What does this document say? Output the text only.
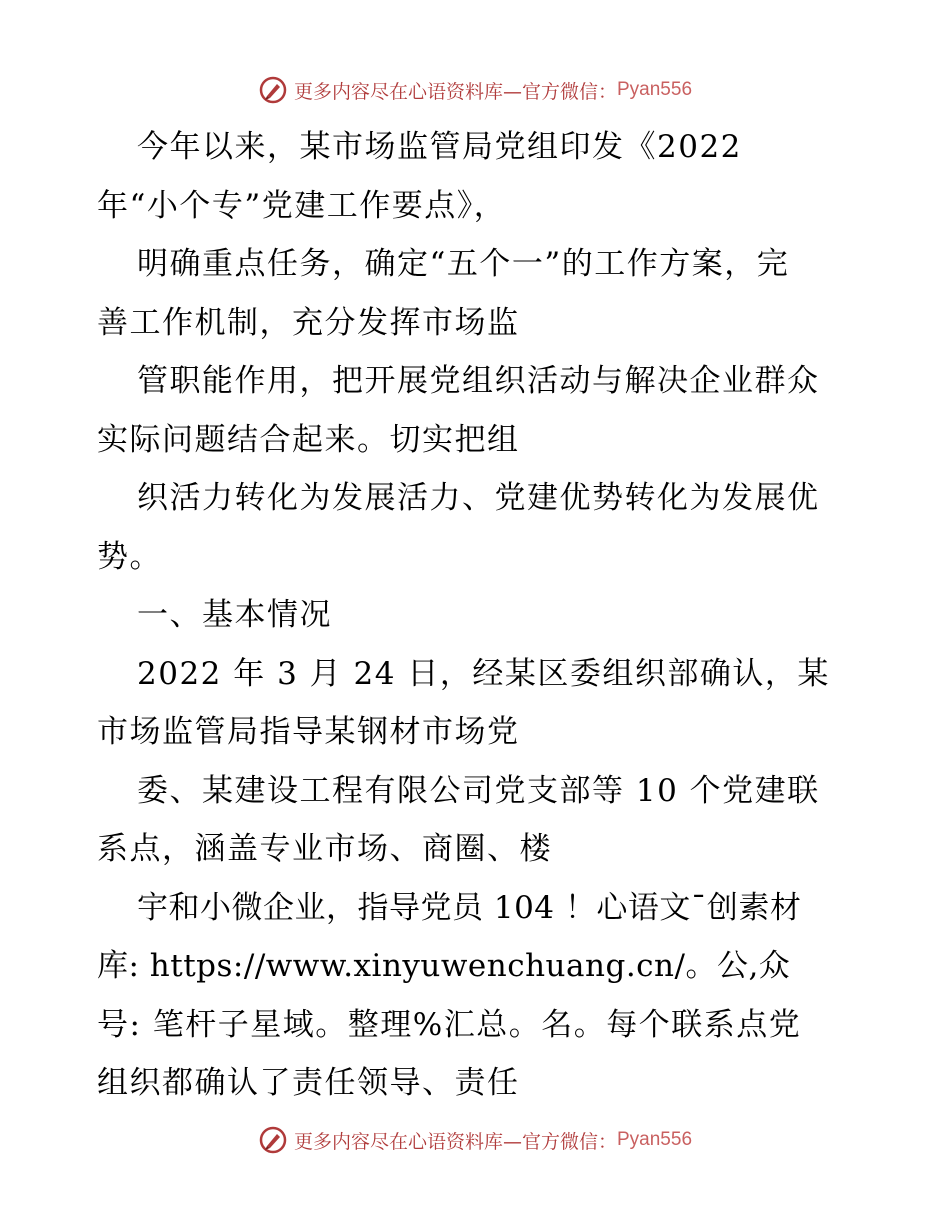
更多内容尽在心语资料库—官方微信： Pyan556
今年以来，某市场监管局党组印发《2022
年“小个专”党建工作要点》，
明确重点任务，确定“五个一”的工作方案，完
善工作机制，充分发挥市场监
管职能作用，把开展党组织活动与解决企业群众
实际问题结合起来。切实把组
织活力转化为发展活力、党建优势转化为发展优
势。
一、基本情况
2022 年 3 月 24 日，经某区委组织部确认，某
市场监管局指导某钢材市场党
委、某建设工程有限公司党支部等 10 个党建联
系点，涵盖专业市场、商圈、楼
宇和小微企业，指导党员 104 ！心语文¯创素材
库: https://www.xinyuwenchuang.cn/。公,众
号: 笔杆子星域。整理%汇总。名。每个联系点党
组织都确认了责任领导、责任
更多内容尽在心语资料库—官方微信： Pyan556
